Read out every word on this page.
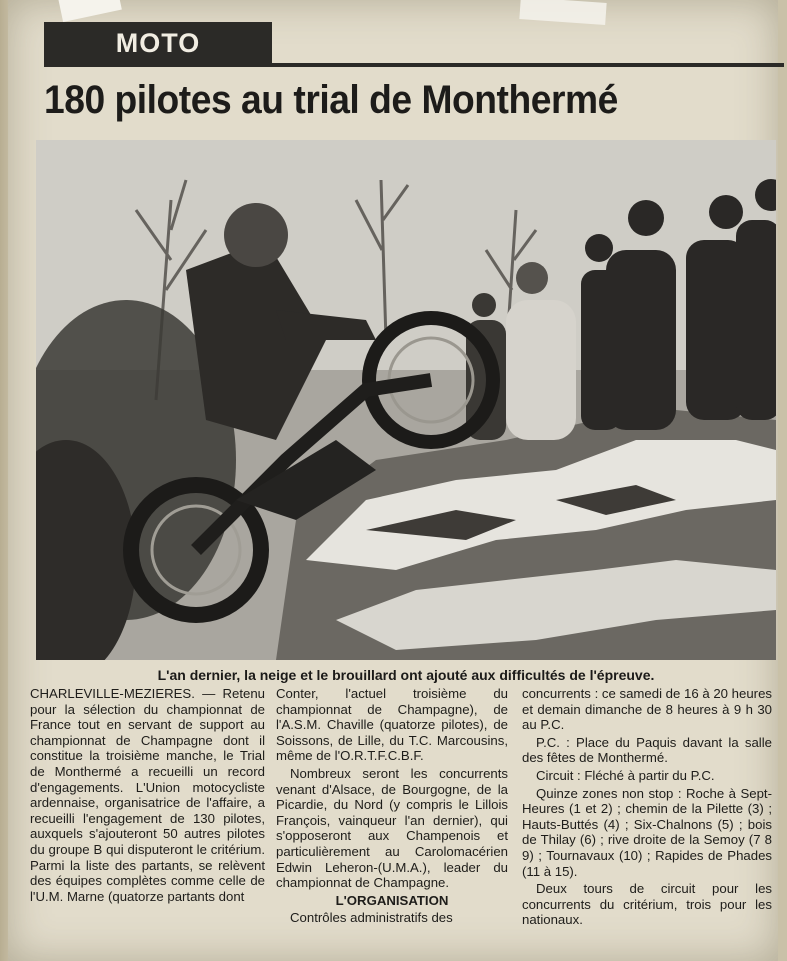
MOTO
180 pilotes au trial de Monthermé
L'an dernier, la neige et le brouillard ont ajouté aux difficultés de l'épreuve.

CHARLEVILLE-MEZIERES. — Retenu pour la sélection du championnat de France tout en servant de support au championnat de Champagne dont il constitue la troisième manche, le Trial de Monthermé a recueilli un record d'engagements. L'Union motocycliste ardennaise, organisatrice de l'affaire, a recueilli l'engagement de 130 pilotes, auxquels s'ajouteront 50 autres pilotes du groupe B qui disputeront le critérium. Parmi la liste des partants, se relèvent des équipes complètes comme celle de l'U.M. Marne (quatorze partants dont

Conter, l'actuel troisième du championnat de Champagne), de l'A.S.M. Chaville (quatorze pilotes), de Soissons, de Lille, du T.C. Marcousins, même de l'O.R.T.F.C.B.F.

Nombreux seront les concurrents venant d'Alsace, de Bourgogne, de la Picardie, du Nord (y compris le Lillois François, vainqueur l'an dernier), qui s'opposeront aux Champenois et particulièrement au Carolomacérien Edwin Leheron-(U.M.A.), leader du championnat de Champagne.

L'ORGANISATION

Contrôles administratifs des

concurrents : ce samedi de 16 à 20 heures et demain dimanche de 8 heures à 9 h 30 au P.C.

P.C. : Place du Paquis davant la salle des fêtes de Monthermé.

Circuit : Fléché à partir du P.C.

Quinze zones non stop : Roche à Sept-Heures (1 et 2) ; chemin de la Pilette (3) ; Hauts-Buttés (4) ; Six-Chalnons (5) ; bois de Thilay (6) ; rive droite de la Semoy (7 8 9) ; Tournavaux (10) ; Rapides de Phades (11 à 15).

Deux tours de circuit pour les concurrents du critérium, trois pour les nationaux.
